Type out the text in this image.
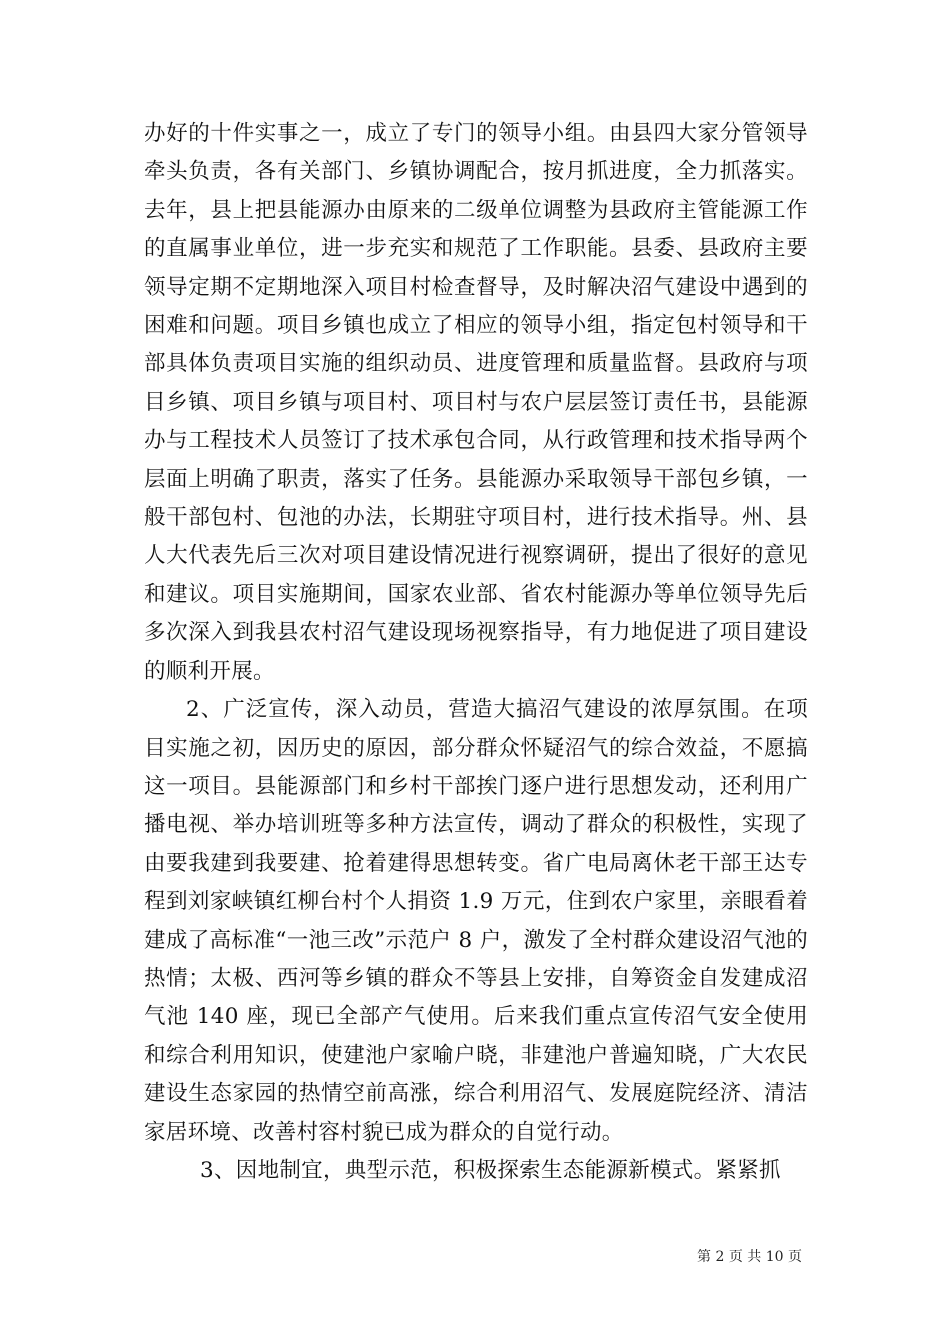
办好的十件实事之一，成立了专门的领导小组。由县四大家分管领导牵头负责，各有关部门、乡镇协调配合，按月抓进度，全力抓落实。去年，县上把县能源办由原来的二级单位调整为县政府主管能源工作的直属事业单位，进一步充实和规范了工作职能。县委、县政府主要领导定期不定期地深入项目村检查督导，及时解决沼气建设中遇到的困难和问题。项目乡镇也成立了相应的领导小组，指定包村领导和干部具体负责项目实施的组织动员、进度管理和质量监督。县政府与项目乡镇、项目乡镇与项目村、项目村与农户层层签订责任书，县能源办与工程技术人员签订了技术承包合同，从行政管理和技术指导两个层面上明确了职责，落实了任务。县能源办采取领导干部包乡镇，一般干部包村、包池的办法，长期驻守项目村，进行技术指导。州、县人大代表先后三次对项目建设情况进行视察调研，提出了很好的意见和建议。项目实施期间，国家农业部、省农村能源办等单位领导先后多次深入到我县农村沼气建设现场视察指导，有力地促进了项目建设的顺利开展。

2、广泛宣传，深入动员，营造大搞沼气建设的浓厚氛围。在项目实施之初，因历史的原因，部分群众怀疑沼气的综合效益，不愿搞这一项目。县能源部门和乡村干部挨门逐户进行思想发动，还利用广播电视、举办培训班等多种方法宣传，调动了群众的积极性，实现了由要我建到我要建、抢着建得思想转变。省广电局离休老干部王达专程到刘家峡镇红柳台村个人捐资 1.9 万元，住到农户家里，亲眼看着建成了高标准“一池三改”示范户 8 户，激发了全村群众建设沼气池的热情；太极、西河等乡镇的群众不等县上安排，自筹资金自发建成沼气池 140 座，现已全部产气使用。后来我们重点宣传沼气安全使用和综合利用知识，使建池户家喻户晓，非建池户普遍知晓，广大农民建设生态家园的热情空前高涨，综合利用沼气、发展庭院经济、清洁家居环境、改善村容村貌已成为群众的自觉行动。

3、因地制宜，典型示范，积极探索生态能源新模式。紧紧抓

第 2 页 共 10 页
